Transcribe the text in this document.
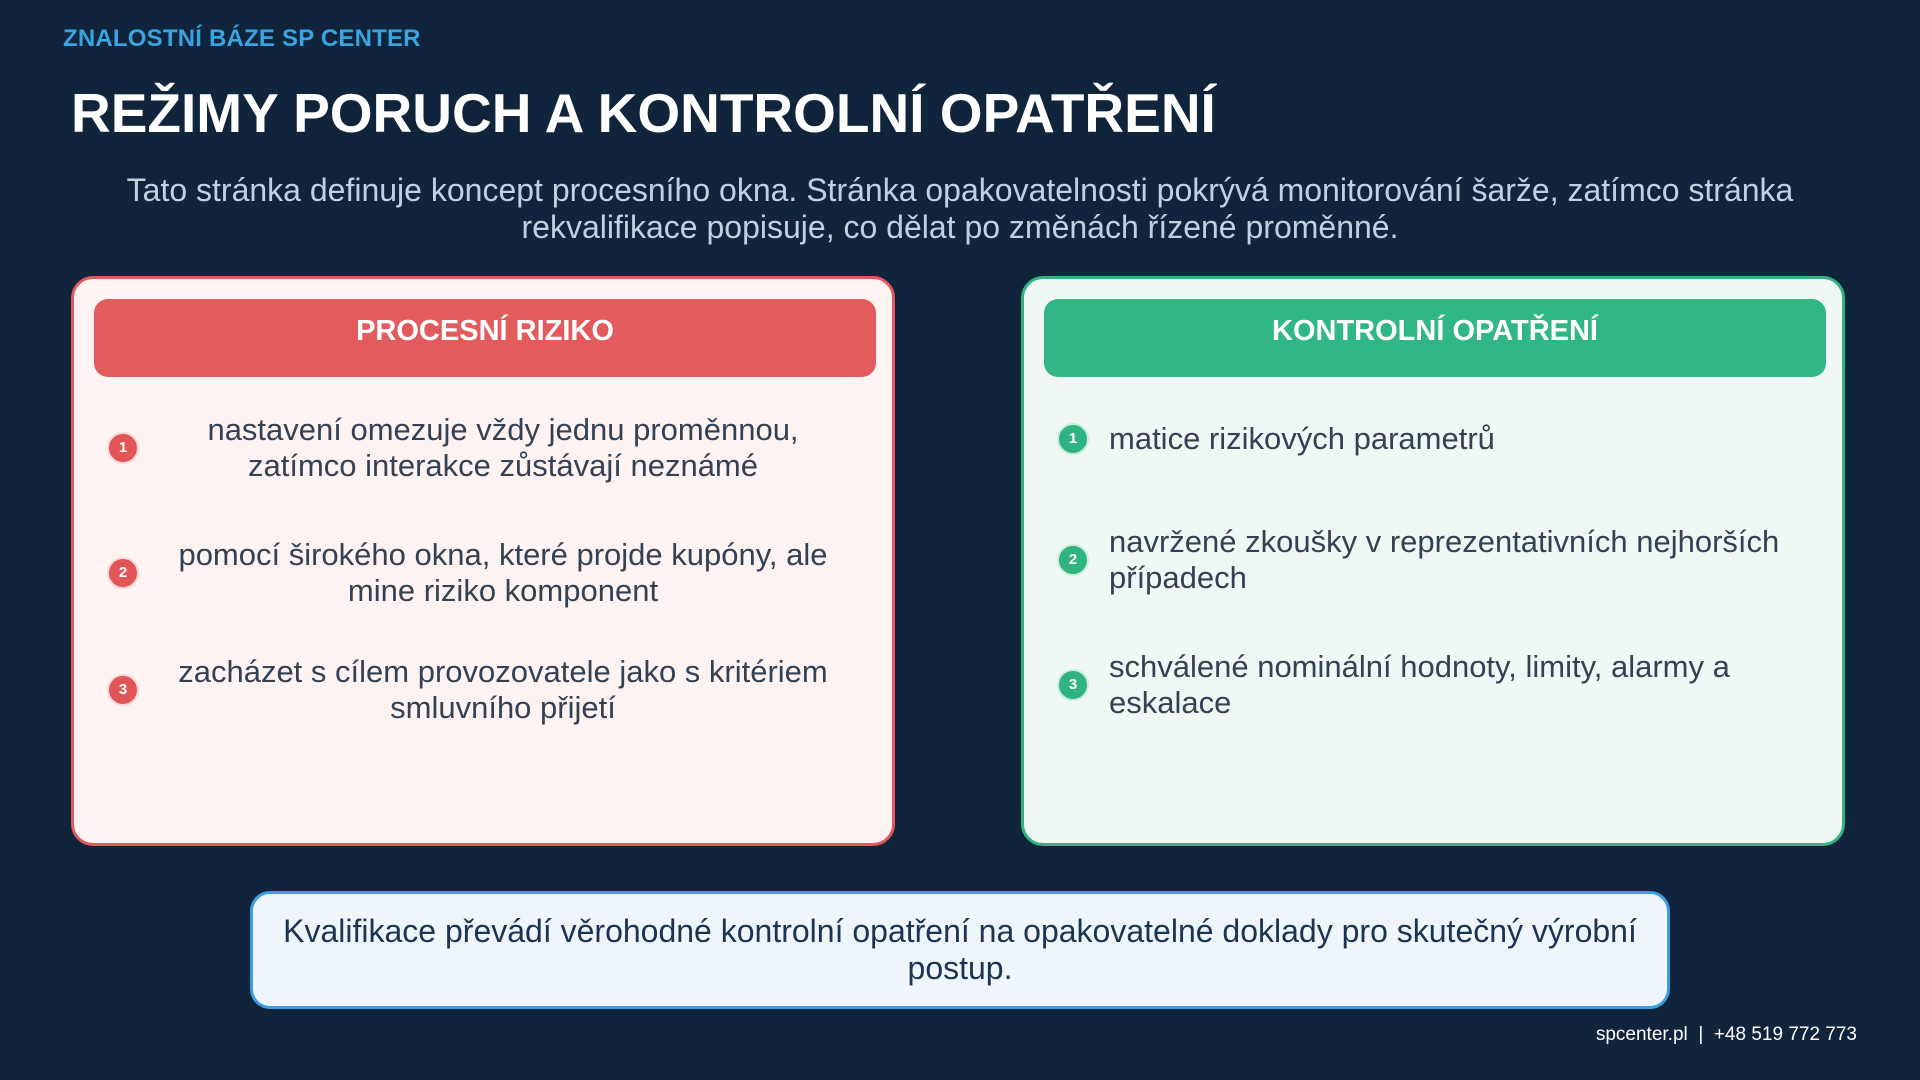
ZNALOSTNÍ BÁZE SP CENTER
REŽIMY PORUCH A KONTROLNÍ OPATŘENÍ
Tato stránka definuje koncept procesního okna. Stránka opakovatelnosti pokrývá monitorování šarže, zatímco stránka rekvalifikace popisuje, co dělat po změnách řízené proměnné.
PROCESNÍ RIZIKO
1
nastavení omezuje vždy jednu proměnnou, zatímco interakce zůstávají neznámé
2
pomocí širokého okna, které projde kupóny, ale mine riziko komponent
3
zacházet s cílem provozovatele jako s kritériem smluvního přijetí
KONTROLNÍ OPATŘENÍ
1	matice rizikových parametrů
2
navržené zkoušky v reprezentativních nejhorších případech
3
schválené nominální hodnoty, limity, alarmy a eskalace
Kvalifikace převádí věrohodné kontrolní opatření na opakovatelné doklady pro skutečný výrobní postup.
spcenter.pl | +48 519 772 773
